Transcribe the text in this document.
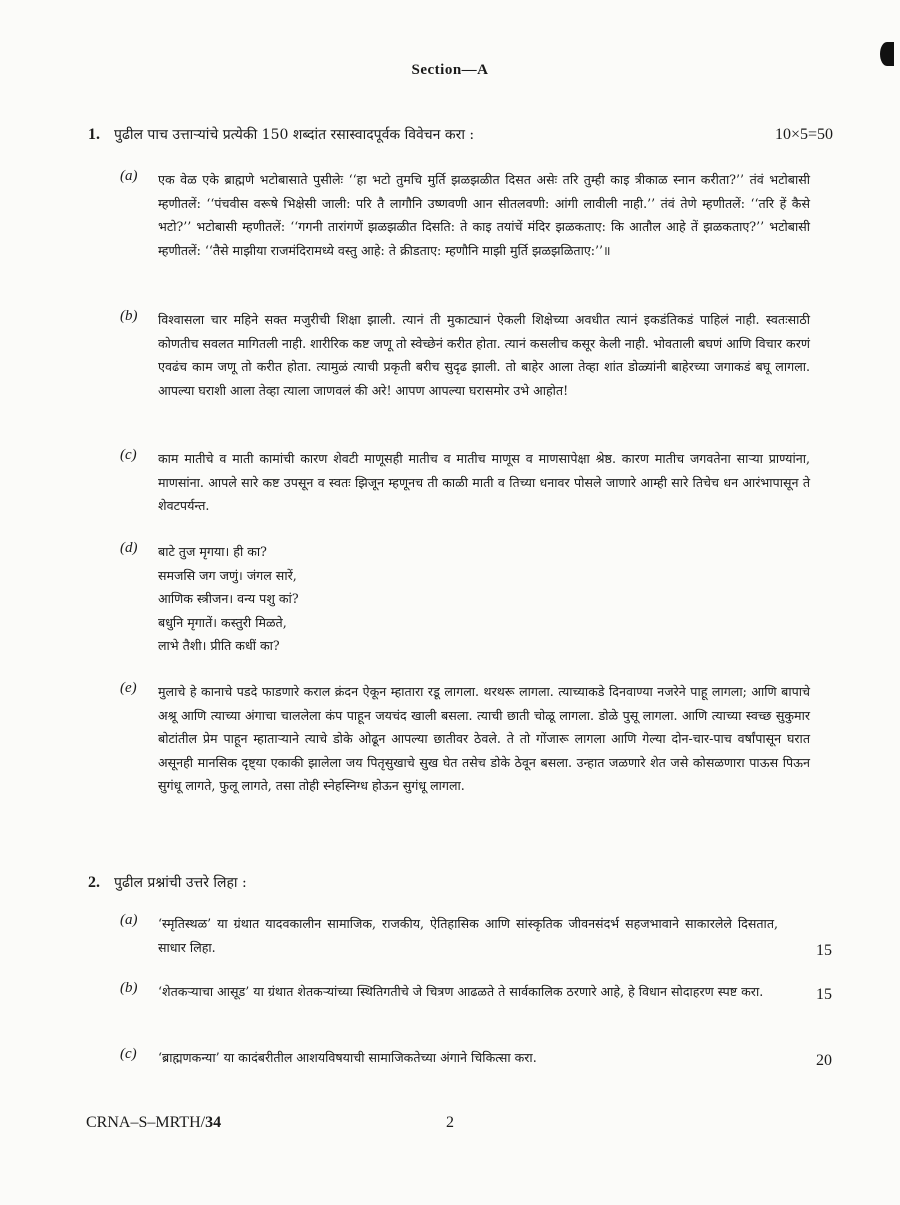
Section—A
1. पुढील पाच उत्ताऱ्यांचे प्रत्येकी 150 शब्दांत रसास्वादपूर्वक विवेचन करा :	10×5=50
(a) एक वेळ एके ब्राह्मणे भटोबासाते पुसीलेः ‘‘हा भटो तुमचि मुर्ति झळझळीत दिसत असेः तरि तुम्ही काइ त्रीकाळ स्नान करीता?’’ तंवं भटोबासी म्हणीतलें: ‘‘पंचवीस वरूषे भिक्षेसी जाली: परि तै लागौनि उष्णवणी आन सीतलवणी: आंगी लावीली नाही.’’ तंवं तेणे म्हणीतलें: ‘‘तरि हें कैसे भटो?’’ भटोबासी म्हणीतलें: ‘‘गगनी तारांगणें झळझळीत दिसति: ते काइ तयांचें मंदिर झळकताए: कि आतौल आहे तें झळकताए?’’ भटोबासी म्हणीतलें: ‘‘तैसे माझीया राजमंदिरामध्ये वस्तु आहे: ते क्रीडताए: म्हणौनि माझी मुर्ति झळझळिताए:’’॥
(b) विश्वासला चार महिने सक्त मजुरीची शिक्षा झाली. त्यानं ती मुकाट्यानं ऐकली शिक्षेच्या अवधीत त्यानं इकडंतिकडं पाहिलं नाही. स्वतःसाठी कोणतीच सवलत मागितली नाही. शारीरिक कष्ट जणू तो स्वेच्छेनं करीत होता. त्यानं कसलीच कसूर केली नाही. भोवताली बघणं आणि विचार करणं एवढंच काम जणू तो करीत होता. त्यामुळं त्याची प्रकृती बरीच सुदृढ झाली. तो बाहेर आला तेव्हा शांत डोळ्यांनी बाहेरच्या जगाकडं बघू लागला. आपल्या घराशी आला तेव्हा त्याला जाणवलं की अरे! आपण आपल्या घरासमोर उभे आहोत!
(c) काम मातीचे व माती कामांची कारण शेवटी माणूसही मातीच व मातीच माणूस व माणसापेक्षा श्रेष्ठ. कारण मातीच जगवतेना साऱ्या प्राण्यांना, माणसांना. आपले सारे कष्ट उपसून व स्वतः झिजून म्हणूनच ती काळी माती व तिच्या धनावर पोसले जाणारे आम्ही सारे तिचेच धन आरंभापासून ते शेवटपर्यन्त.
(d) बाटे तुज मृगया। ही का?
समजसि जग जणुं। जंगल सारें,
आणिक स्त्रीजन। वन्य पशु कां?
बधुनि मृगातें। कस्तुरी मिळते,
लाभे तैशी। प्रीति कधीं का?
(e) मुलाचे हे कानाचे पडदे फाडणारे कराल क्रंदन ऐकून म्हातारा रडू लागला. थरथरू लागला. त्याच्याकडे दिनवाण्या नजरेने पाहू लागला; आणि बापाचे अश्रू आणि त्याच्या अंगाचा चाललेला कंप पाहून जयचंद खाली बसला. त्याची छाती चोळू लागला. डोळे पुसू लागला. आणि त्याच्या स्वच्छ सुकुमार बोटांतील प्रेम पाहून म्हाताऱ्याने त्याचे डोके ओढून आपल्या छातीवर ठेवले. ते तो गोंजारू लागला आणि गेल्या दोन-चार-पाच वर्षांपासून घरात असूनही मानसिक दृष्ट्या एकाकी झालेला जय पितृसुखाचे सुख घेत तसेच डोके ठेवून बसला. उन्हात जळणारे शेत जसे कोसळणारा पाऊस पिऊन सुगंधू लागते, फुलू लागते, तसा तोही स्नेहस्निग्ध होऊन सुगंधू लागला.
2. पुढील प्रश्नांची उत्तरे लिहा :
(a) ‘स्मृतिस्थळ’ या ग्रंथात यादवकालीन सामाजिक, राजकीय, ऐतिहासिक आणि सांस्कृतिक जीवनसंदर्भ सहजभावाने साकारलेले दिसतात, साधार लिहा.	15
(b) ‘शेतकऱ्याचा आसूड’ या ग्रंथात शेतकऱ्यांच्या स्थितिगतीचे जे चित्रण आढळते ते सार्वकालिक ठरणारे आहे, हे विधान सोदाहरण स्पष्ट करा.	15
(c) ‘ब्राह्मणकन्या’ या कादंबरीतील आशयविषयाची सामाजिकतेच्या अंगाने चिकित्सा करा.	20
CRNA–S–MRTH/34	2
